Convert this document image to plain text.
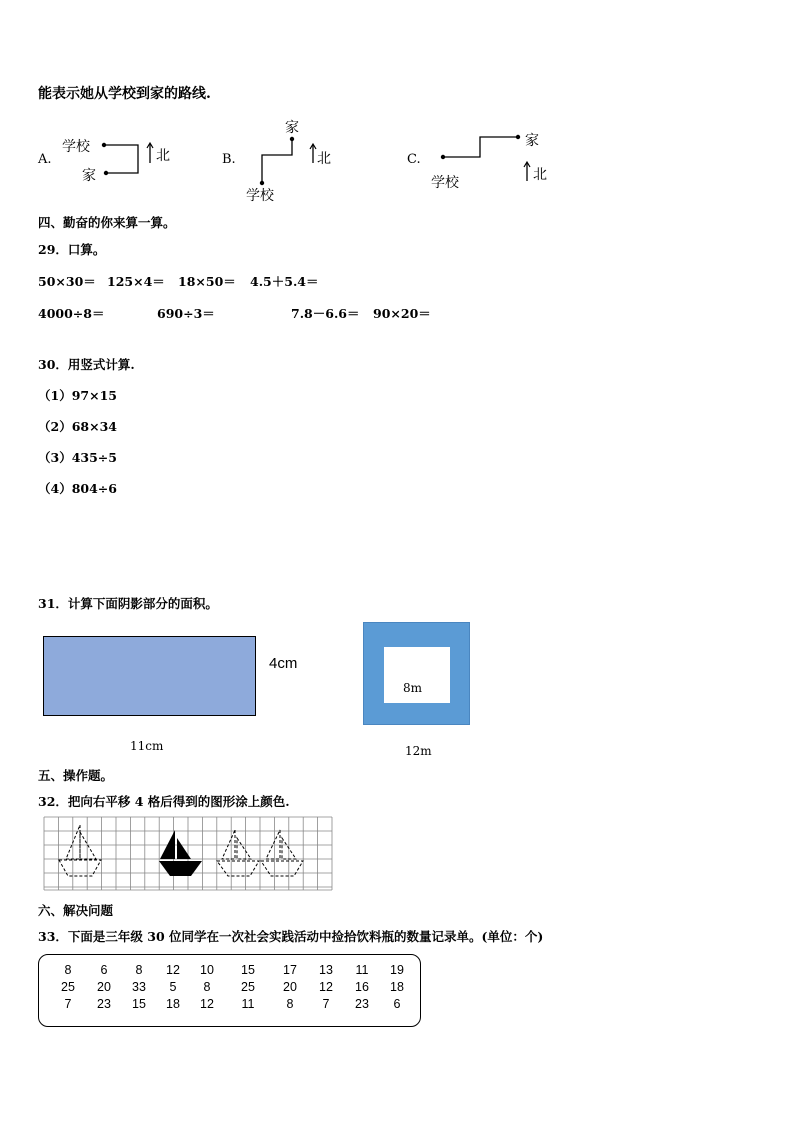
能表示她从学校到家的路线.
A.
学校
家
北	B.
学校
家
北	C.
学校
家
北
四、勤奋的你来算一算。
29．口算。
50×30＝ 125×4＝ 18×50＝ 4.5＋5.4＝
4000÷8＝	690÷3＝	7.8－6.6＝ 90×20＝
30．用竖式计算.
（1）97×15
（2）68×34
（3）435÷5
（4）804÷6
31．计算下面阴影部分的面积。
4cm
11cm
8m
12m
五、操作题。
32．把向右平移 4 格后得到的图形涂上颜色.
六、解决问题
33．下面是三年级 30 位同学在一次社会实践活动中捡拾饮料瓶的数量记录单。(单位：个)
8 6 8 12 10 15 17 13 11 19
25 20 33 5 8 25 20 12 16 18
7 23 15 18 12 11	8 7 23 6
